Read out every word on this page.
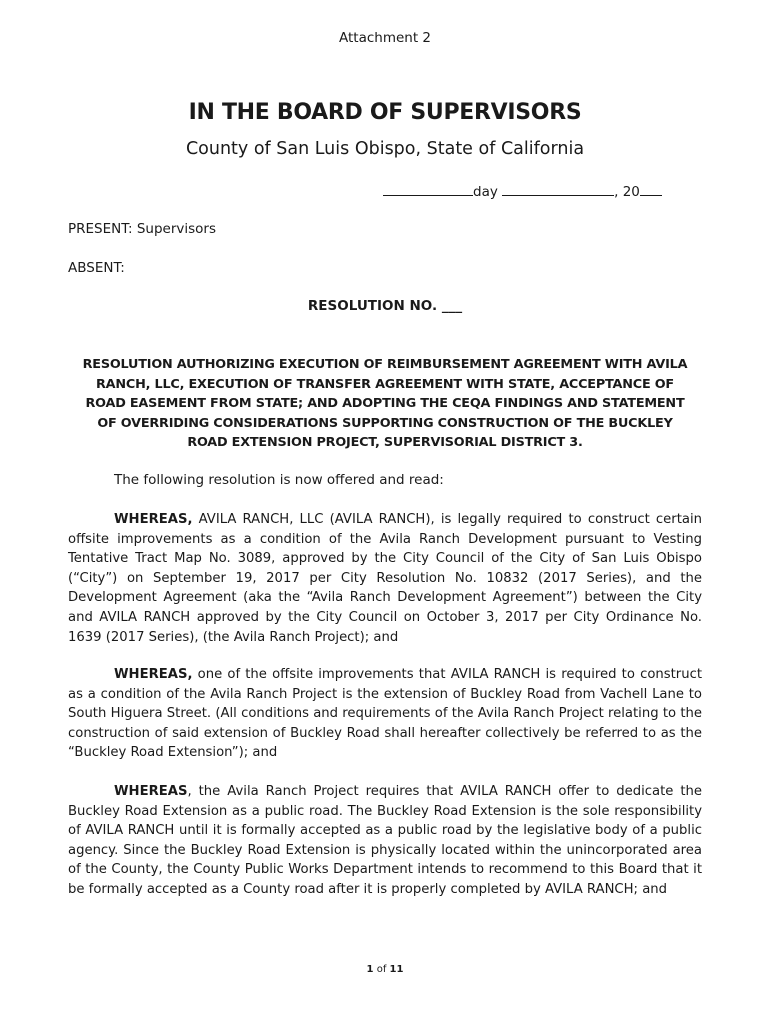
Attachment 2
IN THE BOARD OF SUPERVISORS
County of San Luis Obispo, State of California
day	, 20
PRESENT: Supervisors
ABSENT:
RESOLUTION NO. ___
RESOLUTION AUTHORIZING EXECUTION OF REIMBURSEMENT AGREEMENT WITH AVILA RANCH, LLC, EXECUTION OF TRANSFER AGREEMENT WITH STATE, ACCEPTANCE OF ROAD EASEMENT FROM STATE; AND ADOPTING THE CEQA FINDINGS AND STATEMENT OF OVERRIDING CONSIDERATIONS SUPPORTING CONSTRUCTION OF THE BUCKLEY ROAD EXTENSION PROJECT, SUPERVISORIAL DISTRICT 3.
The following resolution is now offered and read:

WHEREAS, AVILA RANCH, LLC (AVILA RANCH), is legally required to construct certain offsite improvements as a condition of the Avila Ranch Development pursuant to Vesting Tentative Tract Map No. 3089, approved by the City Council of the City of San Luis Obispo (“City”) on September 19, 2017 per City Resolution No. 10832 (2017 Series), and the Development Agreement (aka the “Avila Ranch Development Agreement”) between the City and AVILA RANCH approved by the City Council on October 3, 2017 per City Ordinance No. 1639 (2017 Series), (the Avila Ranch Project); and

WHEREAS, one of the offsite improvements that AVILA RANCH is required to construct as a condition of the Avila Ranch Project is the extension of Buckley Road from Vachell Lane to South Higuera Street. (All conditions and requirements of the Avila Ranch Project relating to the construction of said extension of Buckley Road shall hereafter collectively be referred to as the “Buckley Road Extension”); and

WHEREAS, the Avila Ranch Project requires that AVILA RANCH offer to dedicate the Buckley Road Extension as a public road. The Buckley Road Extension is the sole responsibility of AVILA RANCH until it is formally accepted as a public road by the legislative body of a public agency. Since the Buckley Road Extension is physically located within the unincorporated area of the County, the County Public Works Department intends to recommend to this Board that it be formally accepted as a County road after it is properly completed by AVILA RANCH; and

1 of 11
